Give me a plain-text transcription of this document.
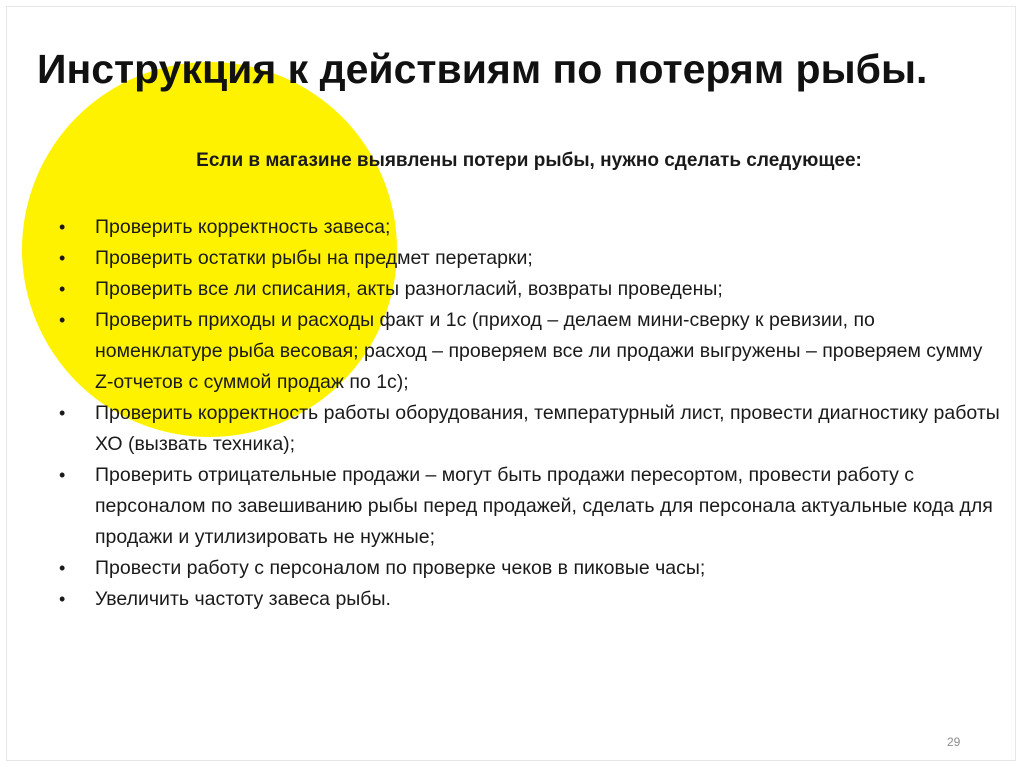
Инструкция к действиям по потерям рыбы.
Если в магазине выявлены потери рыбы, нужно сделать следующее:
•	Проверить корректность завеса;
•	Проверить остатки рыбы на предмет перетарки;
•	Проверить все ли списания, акты разногласий, возвраты проведены;
•	Проверить приходы и расходы факт и 1с (приход – делаем мини-сверку к ревизии, по номенклатуре рыба весовая; расход – проверяем все ли продажи выгружены – проверяем сумму Z-отчетов с суммой продаж по 1с);
•	Проверить корректность работы оборудования, температурный лист, провести диагностику работы ХО (вызвать техника);
•	Проверить отрицательные продажи – могут быть продажи пересортом, провести работу с персоналом по завешиванию рыбы перед продажей, сделать для персонала актуальные кода для продажи и утилизировать не нужные;
•	Провести работу с персоналом по проверке чеков в пиковые часы;
•	Увеличить частоту завеса рыбы.
29
